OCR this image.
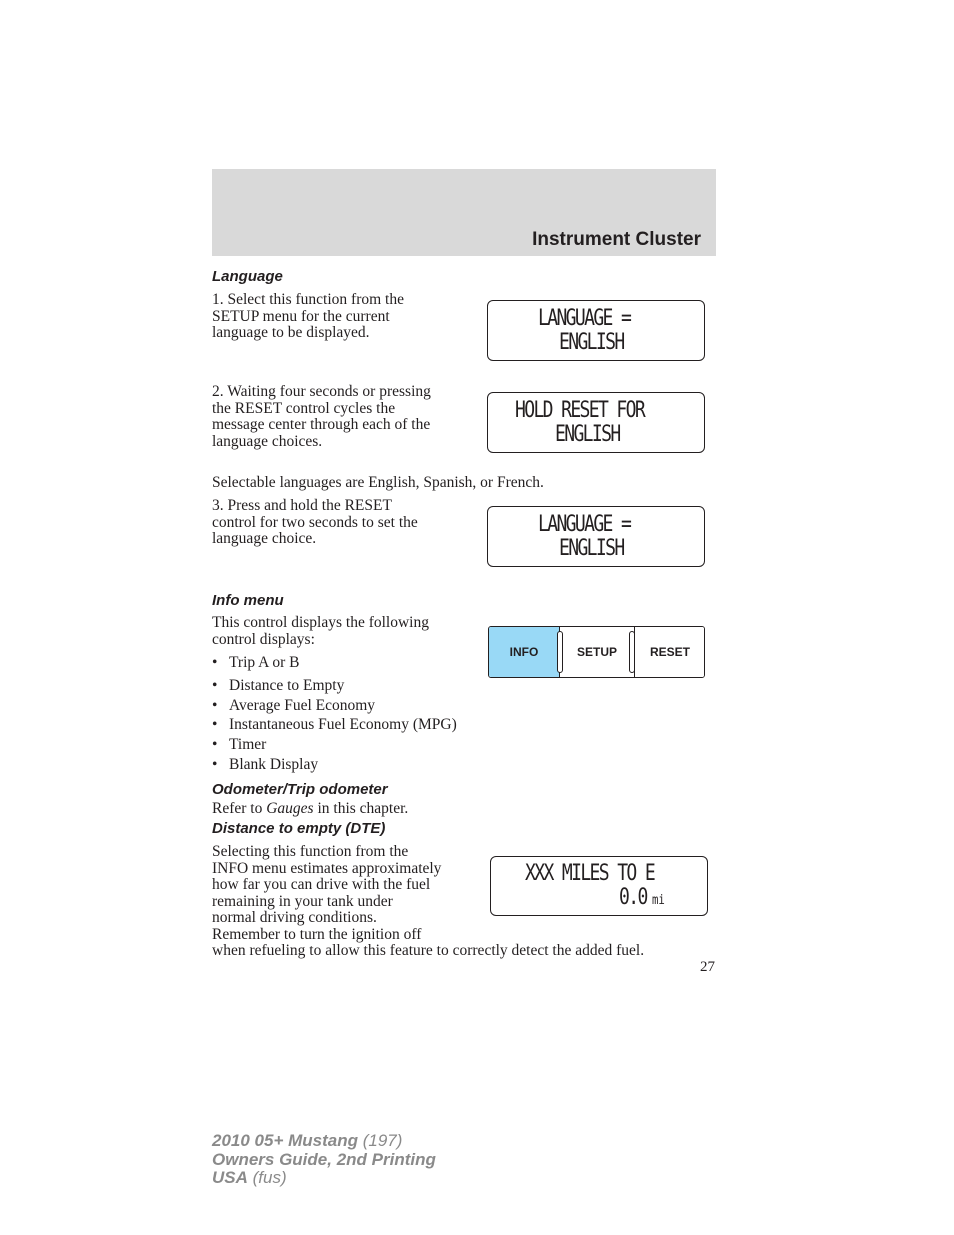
Instrument Cluster
Language
1. Select this function from the
SETUP menu for the current
language to be displayed.
LANGUAGE =
ENGLISH
2. Waiting four seconds or pressing
the RESET control cycles the
message center through each of the
language choices.
HOLD RESET FOR
ENGLISH
Selectable languages are English, Spanish, or French.
3. Press and hold the RESET
control for two seconds to set the
language choice.
LANGUAGE =
ENGLISH
Info menu
This control displays the following
control displays:
• Trip A or B
• Distance to Empty
• Average Fuel Economy
• Instantaneous Fuel Economy (MPG)
• Timer
• Blank Display
INFO	SETUP	RESET
Odometer/Trip odometer
Refer to Gauges in this chapter.
Distance to empty (DTE)
Selecting this function from the
INFO menu estimates approximately
how far you can drive with the fuel
remaining in your tank under
normal driving conditions.
Remember to turn the ignition off
when refueling to allow this feature to correctly detect the added fuel.
XXX MILES TO E
0.0 mi
27
2010 05+ Mustang (197)
Owners Guide, 2nd Printing
USA (fus)
